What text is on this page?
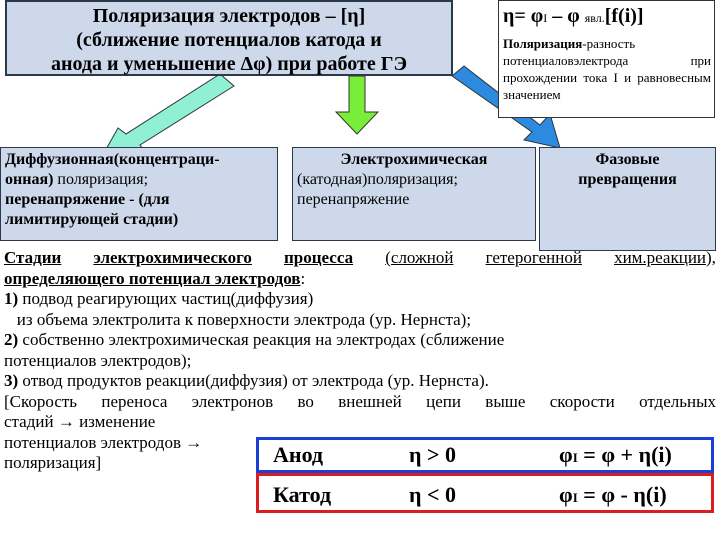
Поляризация электродов – [η]
(сближение потенциалов катода и
анода и уменьшение Δφ) при работе ГЭ
η= φI – φ явл.[f(i)]
Поляризация-разность потенциаловэлектрода при прохождении тока I и равновесным значением
Диффузионная(концентраци-
онная) поляризация;
перенапряжение - (для
лимитирующей стадии)
Электрохимическая
(катодная)поляризация;
перенапряжение
Фазовые
превращения

Стадии электрохимического процесса (сложной гетерогенной хим.реакции),

определяющего потенциал электродов:

1) подвод реагирующих частиц(диффузия)

из объема электролита к поверхности электрода (ур. Нернста);

2) собственно электрохимическая реакция на электродах (сближение

потенциалов электродов);

3) отвод продуктов реакции(диффузия) от электрода (ур. Нернста).

[Скорость переноса электронов во внешней цепи выше скорости отдельных

стадий → изменение

потенциалов электродов →

поляризация]	Анод	η > 0	φI = φ + η(i)
Катод	η < 0	φI = φ - η(i)
